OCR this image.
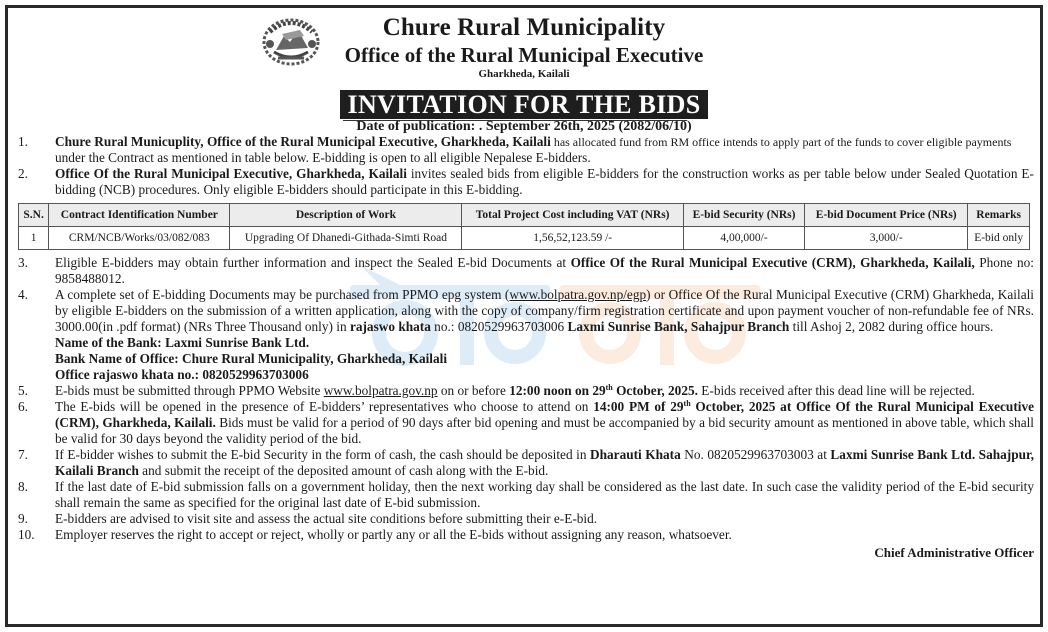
Chure Rural Municipality
Office of the Rural Municipal Executive
Gharkheda, Kailali
INVITATION FOR THE BIDS
Date of publication: . September 26th, 2025 (2082/06/10)
1. Chure Rural Municuplity, Office of the Rural Municipal Executive, Gharkheda, Kailali has allocated fund from RM office intends to apply part of the funds to cover eligible payments
under the Contract as mentioned in table below. E-bidding is open to all eligible Nepalese E-bidders.
2. Office Of the Rural Municipal Executive, Gharkheda, Kailali invites sealed bids from eligible E-bidders for the construction works as per table below under Sealed Quotation E-bidding (NCB) procedures. Only eligible E-bidders should participate in this E-bidding.
S.N.	Contract Identification Number	Description of Work	Total Project Cost including VAT (NRs)	E-bid Security (NRs)	E-bid Document Price (NRs)	Remarks
1	CRM/NCB/Works/03/082/083	Upgrading Of Dhanedi-Githada-Simti Road	1,56,52,123.59 /-	4,00,000/-	3,000/-	E-bid only
3. Eligible E-bidders may obtain further information and inspect the Sealed E-bid Documents at Office Of the Rural Municipal Executive (CRM), Gharkheda, Kailali, Phone no: 9858488012.
4. A complete set of E-bidding Documents may be purchased from PPMO epg system (www.bolpatra.gov.np/egp) or Office Of the Rural Municipal Executive (CRM) Gharkheda, Kailali by eligible E-bidders on the submission of a written application, along with the copy of company/firm registration certificate and upon payment voucher of non-refundable fee of NRs. 3000.00(in .pdf format) (NRs Three Thousand only) in rajaswo khata no.: 0820529963703006 Laxmi Sunrise Bank, Sahajpur Branch till Ashoj 2, 2082 during office hours.
Name of the Bank: Laxmi Sunrise Bank Ltd.
Bank Name of Office: Chure Rural Municipality, Gharkheda, Kailali
Office rajaswo khata no.: 0820529963703006
5. E-bids must be submitted through PPMO Website www.bolpatra.gov.np on or before 12:00 noon on 29th October, 2025. E-bids received after this dead line will be rejected.
6. The E-bids will be opened in the presence of E-bidders’ representatives who choose to attend on 14:00 PM of 29th October, 2025 at Office Of the Rural Municipal Executive (CRM), Gharkheda, Kailali. Bids must be valid for a period of 90 days after bid opening and must be accompanied by a bid security amount as mentioned in above table, which shall be valid for 30 days beyond the validity period of the bid.
7. If E-bidder wishes to submit the E-bid Security in the form of cash, the cash should be deposited in Dharauti Khata No. 0820529963703003 at Laxmi Sunrise Bank Ltd. Sahajpur, Kailali Branch and submit the receipt of the deposited amount of cash along with the E-bid.
8. If the last date of E-bid submission falls on a government holiday, then the next working day shall be considered as the last date. In such case the validity period of the E-bid security shall remain the same as specified for the original last date of E-bid submission.
9. E-bidders are advised to visit site and assess the actual site conditions before submitting their e-E-bid.
10. Employer reserves the right to accept or reject, wholly or partly any or all the E-bids without assigning any reason, whatsoever.
Chief Administrative Officer
